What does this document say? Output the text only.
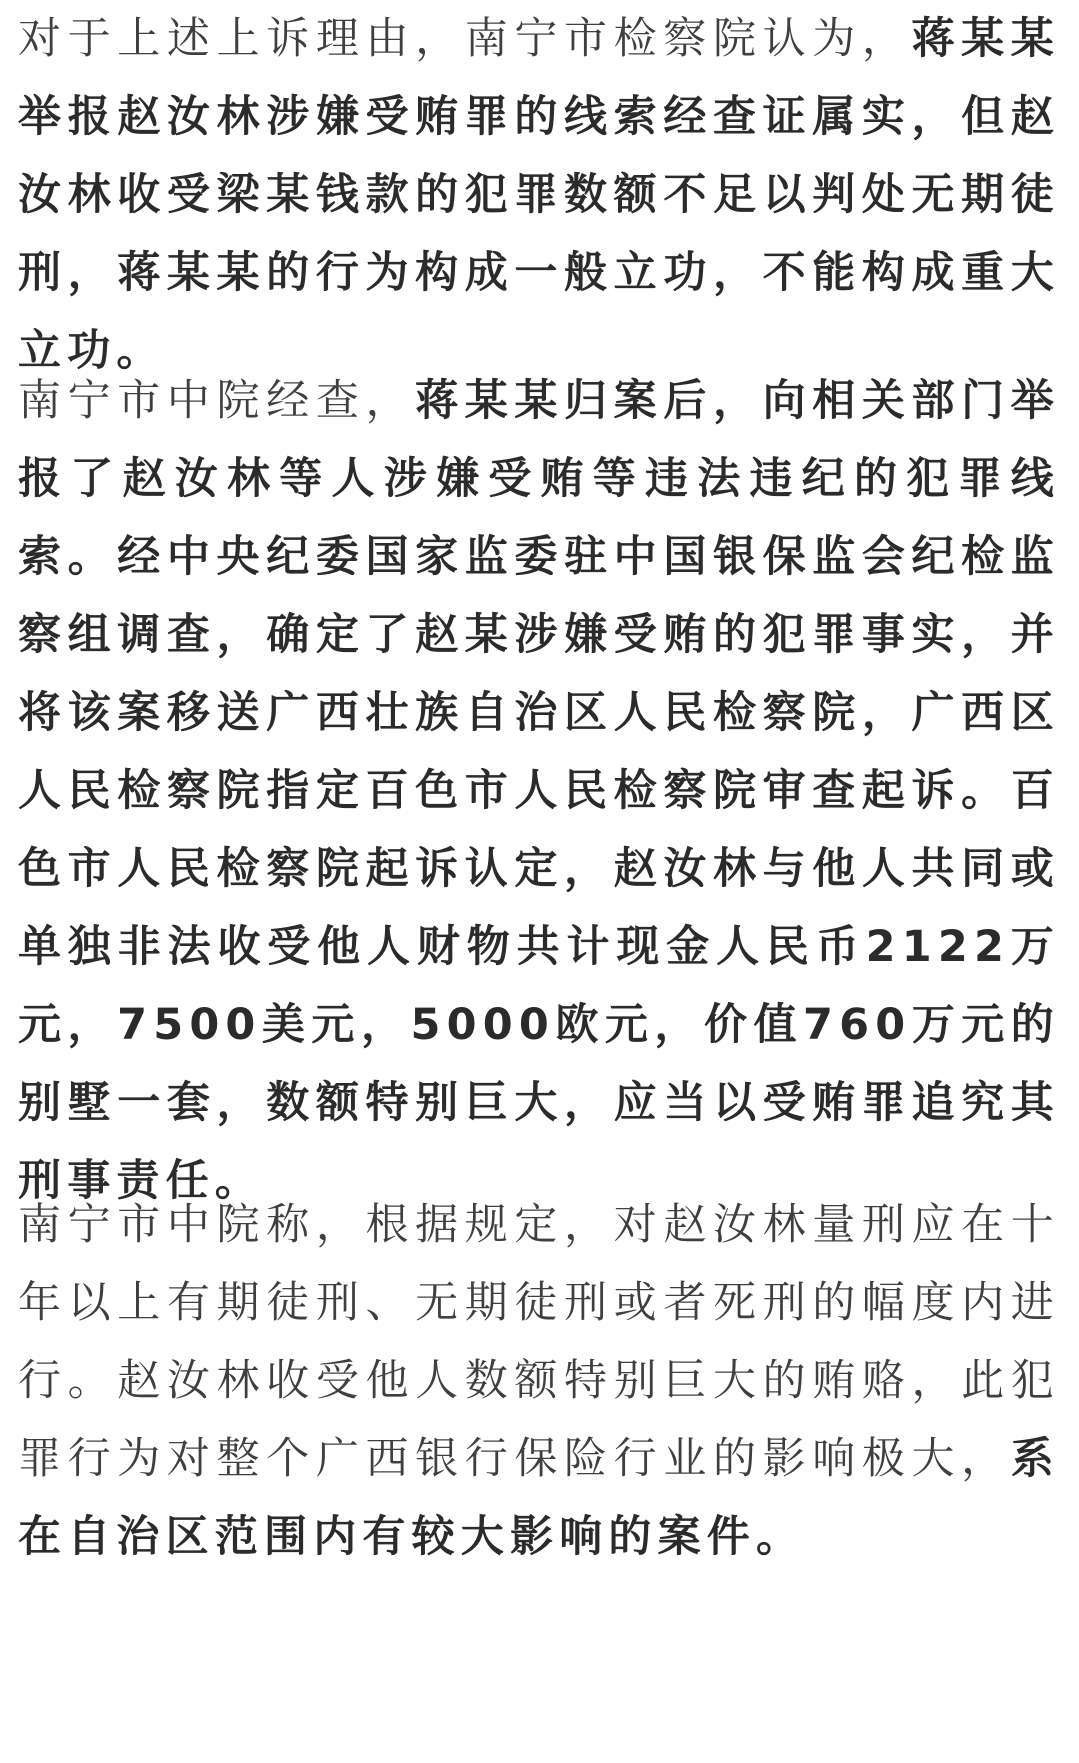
对于上述上诉理由，南宁市检察院认为，蒋某某举报赵汝林涉嫌受贿罪的线索经查证属实，但赵汝林收受梁某钱款的犯罪数额不足以判处无期徒刑，蒋某某的行为构成一般立功，不能构成重大立功。

南宁市中院经查，蒋某某归案后，向相关部门举报了赵汝林等人涉嫌受贿等违法违纪的犯罪线索。经中央纪委国家监委驻中国银保监会纪检监察组调查，确定了赵某涉嫌受贿的犯罪事实，并将该案移送广西壮族自治区人民检察院，广西区人民检察院指定百色市人民检察院审查起诉。百色市人民检察院起诉认定，赵汝林与他人共同或单独非法收受他人财物共计现金人民币2122万元，7500美元，5000欧元，价值760万元的别墅一套，数额特别巨大，应当以受贿罪追究其刑事责任。

南宁市中院称，根据规定，对赵汝林量刑应在十年以上有期徒刑、无期徒刑或者死刑的幅度内进行。赵汝林收受他人数额特别巨大的贿赂，此犯罪行为对整个广西银行保险行业的影响极大，系在自治区范围内有较大影响的案件。
